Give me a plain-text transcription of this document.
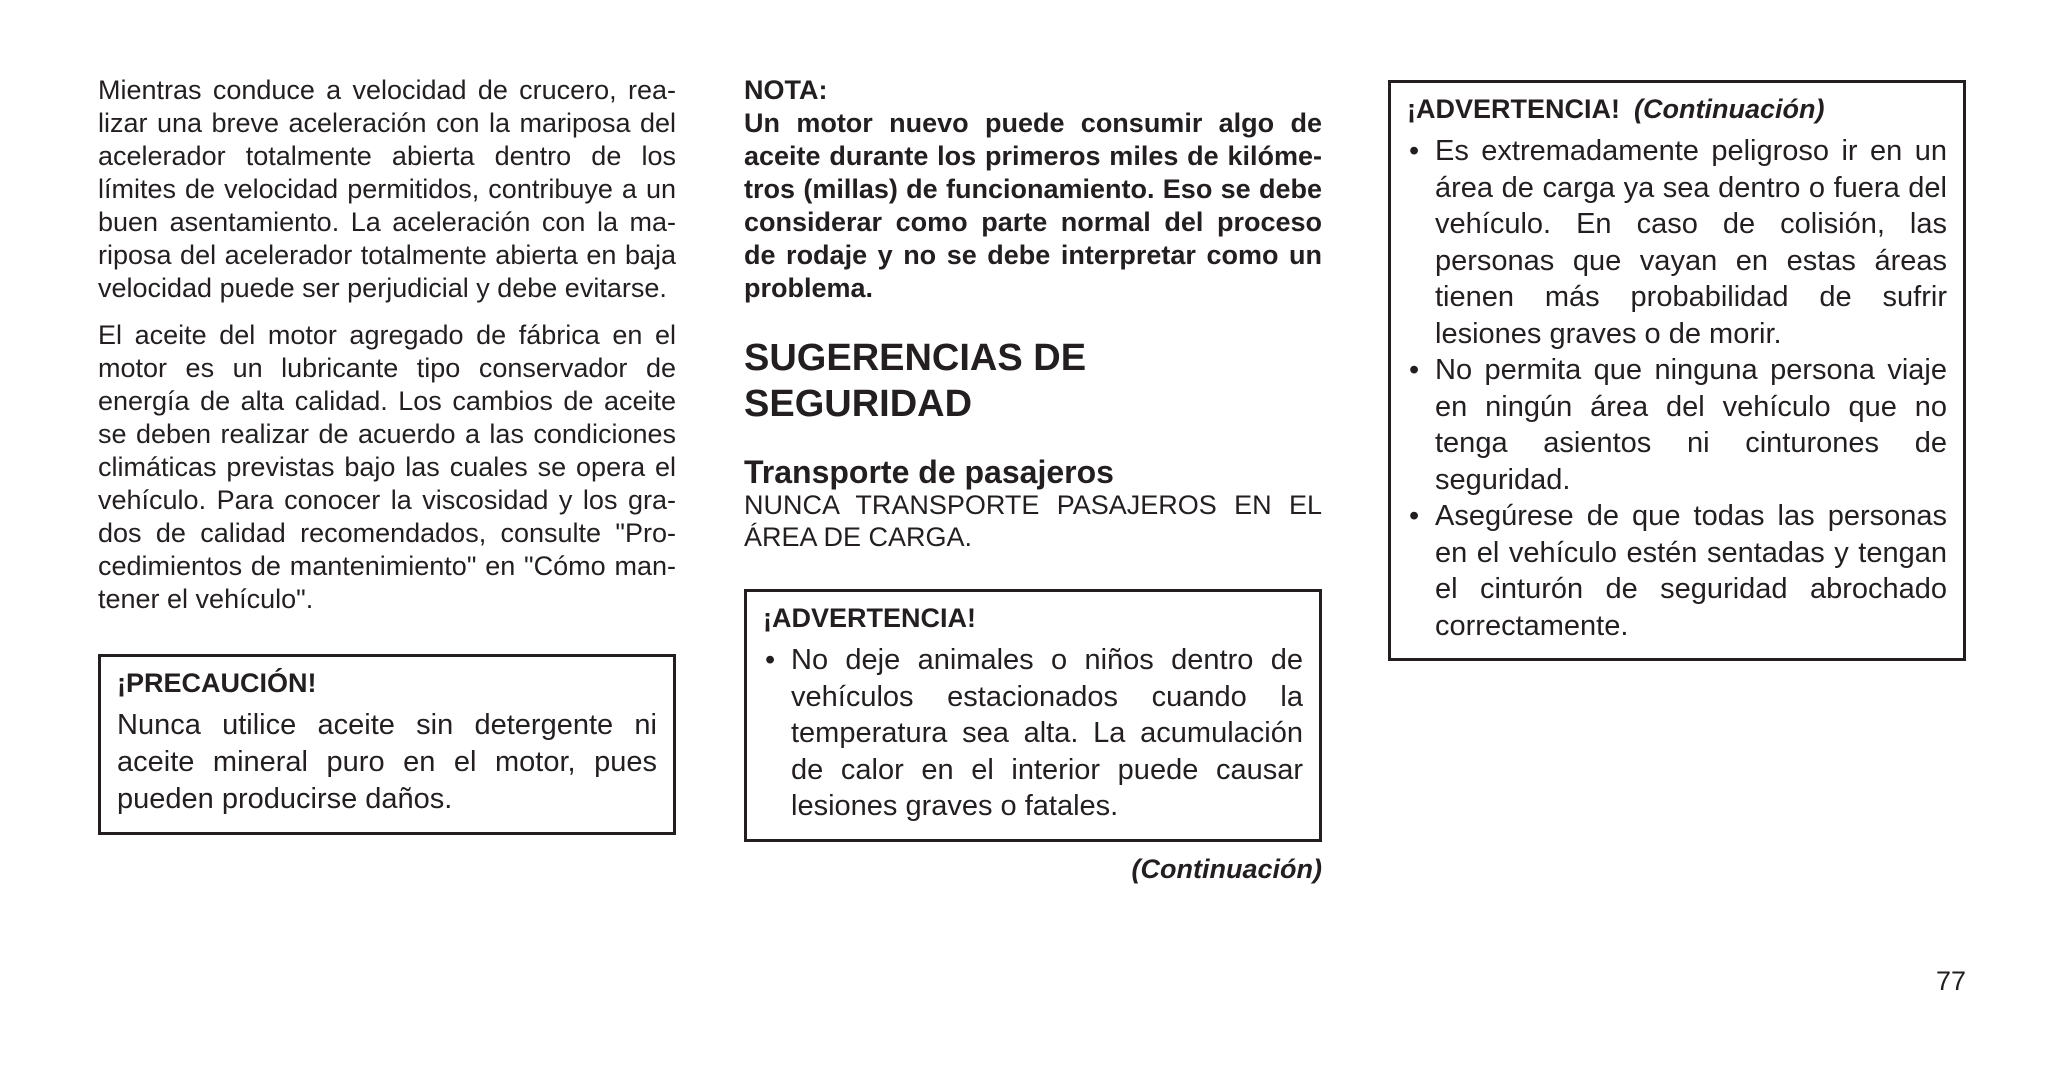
Mientras conduce a velocidad de crucero, realizar una breve aceleración con la mariposa del acelerador totalmente abierta dentro de los límites de velocidad permitidos, contribuye a un buen asentamiento. La aceleración con la mariposa del acelerador totalmente abierta en baja velocidad puede ser perjudicial y debe evitarse.

El aceite del motor agregado de fábrica en el motor es un lubricante tipo conservador de energía de alta calidad. Los cambios de aceite se deben realizar de acuerdo a las condiciones climáticas previstas bajo las cuales se opera el vehículo. Para conocer la viscosidad y los grados de calidad recomendados, consulte "Procedimientos de mantenimiento" en "Cómo mantener el vehículo".

¡PRECAUCIÓN!

Nunca utilice aceite sin detergente ni aceite mineral puro en el motor, pues pueden producirse daños.

NOTA:

Un motor nuevo puede consumir algo de aceite durante los primeros miles de kilómetros (millas) de funcionamiento. Eso se debe considerar como parte normal del proceso de rodaje y no se debe interpretar como un problema.

SUGERENCIAS DE
SEGURIDAD

Transporte de pasajeros

NUNCA TRANSPORTE PASAJEROS EN EL ÁREA DE CARGA.

¡ADVERTENCIA!

• No deje animales o niños dentro de vehículos estacionados cuando la temperatura sea alta. La acumulación de calor en el interior puede causar lesiones graves o fatales.
(Continuación)

¡ADVERTENCIA! (Continuación)

• Es extremadamente peligroso ir en un área de carga ya sea dentro o fuera del vehículo. En caso de colisión, las personas que vayan en estas áreas tienen más probabilidad de sufrir lesiones graves o de morir.
• No permita que ninguna persona viaje en ningún área del vehículo que no tenga asientos ni cinturones de seguridad.
• Asegúrese de que todas las personas en el vehículo estén sentadas y tengan el cinturón de seguridad abrochado correctamente.
77
